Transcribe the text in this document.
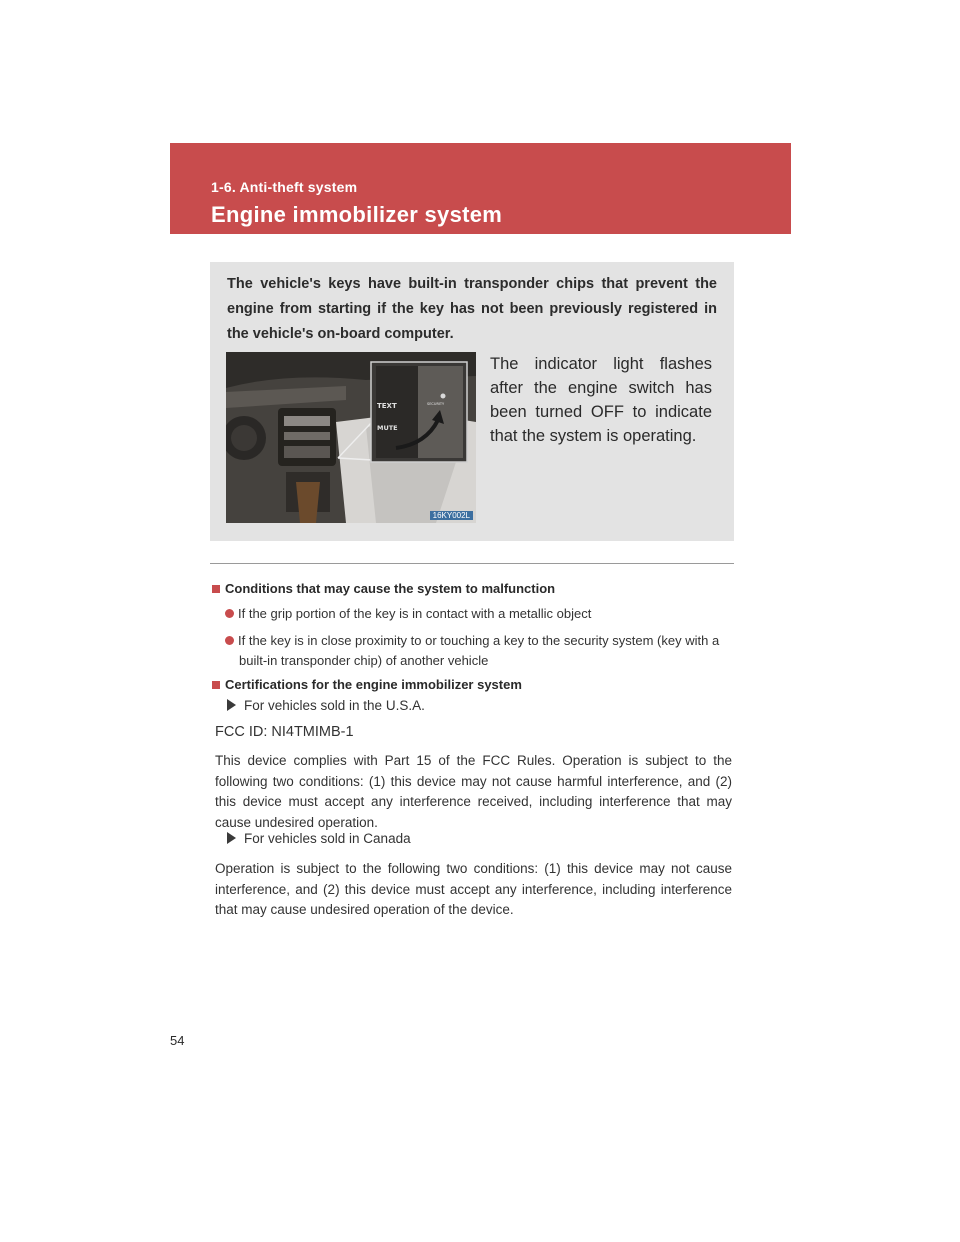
1-6. Anti-theft system

Engine immobilizer system

The vehicle's keys have built-in transponder chips that prevent the engine from starting if the key has not been previously registered in the vehicle's on-board computer.

TEXT
MUTE
SECURITY

16KY002L

The indicator light flashes after the engine switch has been turned OFF to indicate that the system is operating.

Conditions that may cause the system to malfunction

If the grip portion of the key is in contact with a metallic object

If the key is in close proximity to or touching a key to the security system (key with a built-in transponder chip) of another vehicle

Certifications for the engine immobilizer system

For vehicles sold in the U.S.A.

FCC ID: NI4TMIMB-1

This device complies with Part 15 of the FCC Rules. Operation is subject to the following two conditions: (1) this device may not cause harmful interference, and (2) this device must accept any interference received, including interference that may cause undesired operation.

For vehicles sold in Canada

Operation is subject to the following two conditions: (1) this device may not cause interference, and (2) this device must accept any interference, including interference that may cause undesired operation of the device.

54
